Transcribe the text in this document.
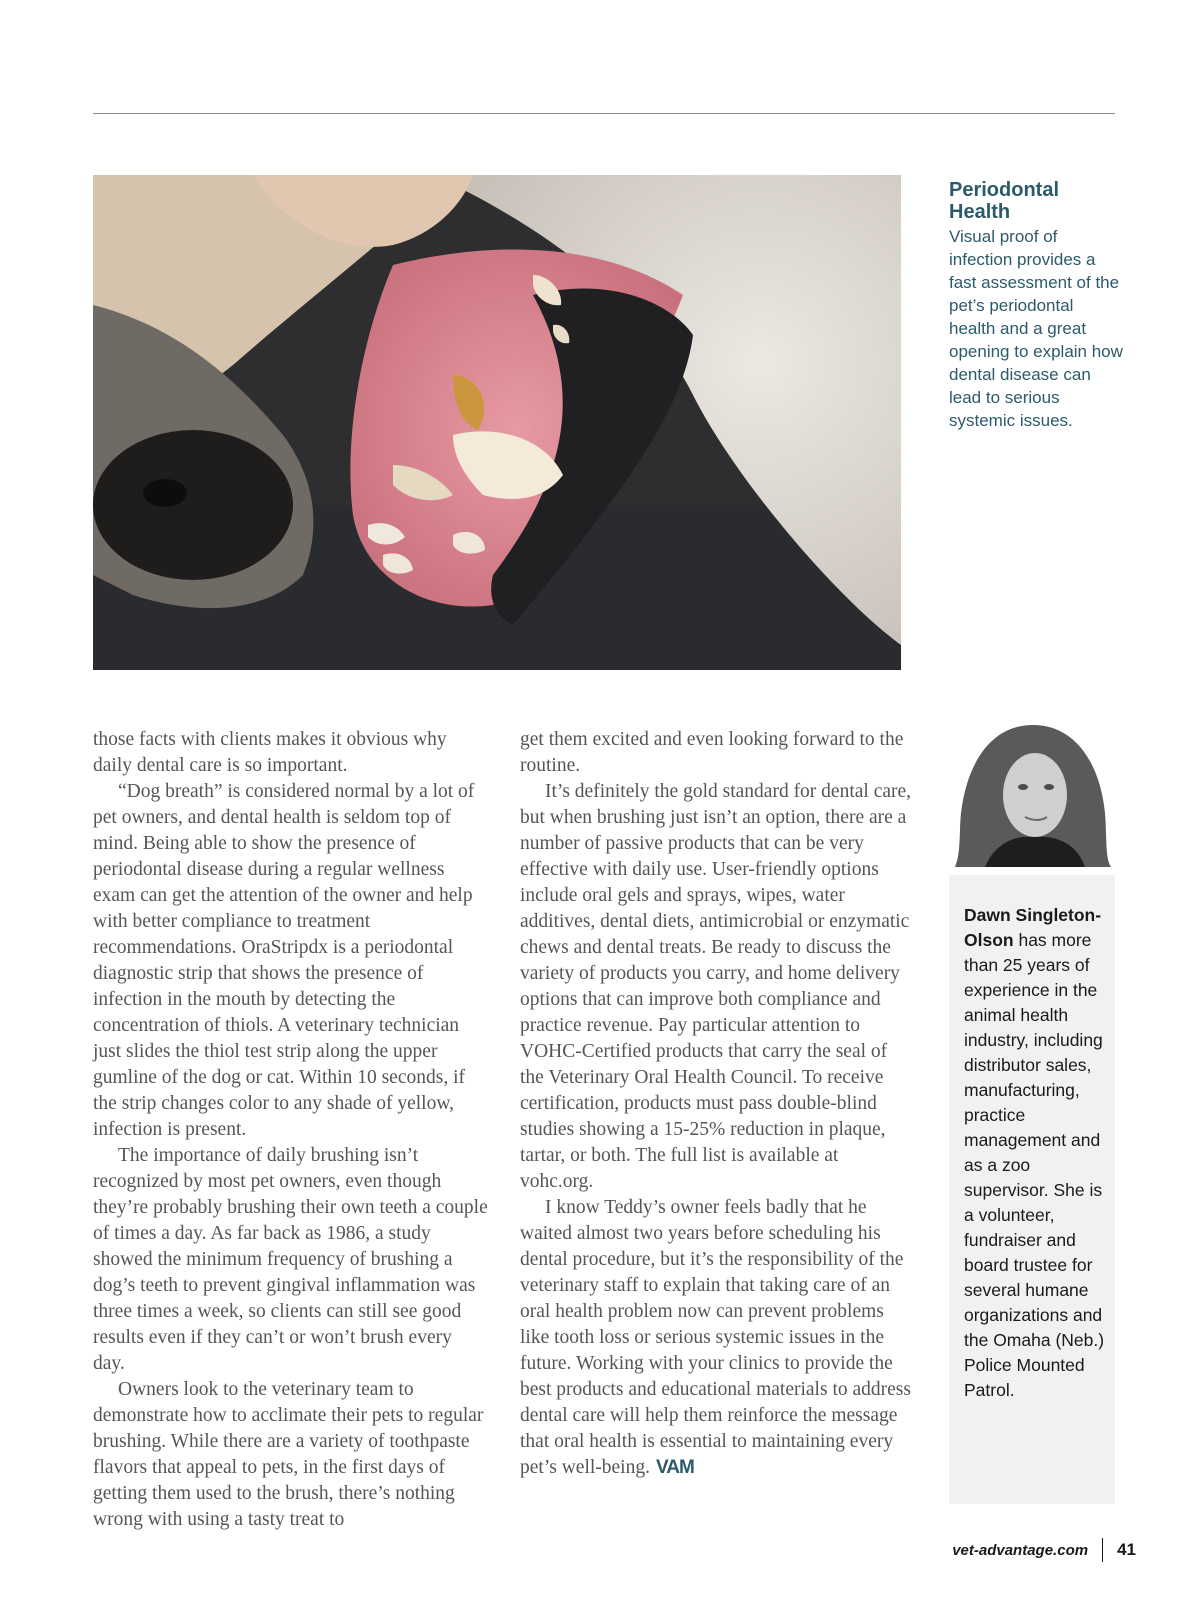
Periodontal Health

Visual proof of infection provides a fast assessment of the pet’s periodontal health and a great opening to explain how dental disease can lead to serious systemic issues.

those facts with clients makes it obvious why daily dental care is so important.

“Dog breath” is considered normal by a lot of pet owners, and dental health is seldom top of mind. Being able to show the presence of periodontal disease during a regular wellness exam can get the attention of the owner and help with better compliance to treatment recommendations. OraStripdx is a periodontal diagnostic strip that shows the presence of infection in the mouth by detecting the concentration of thiols. A veterinary technician just slides the thiol test strip along the upper gumline of the dog or cat. Within 10 seconds, if the strip changes color to any shade of yellow, infection is present.

The importance of daily brushing isn’t recognized by most pet owners, even though they’re probably brushing their own teeth a couple of times a day. As far back as 1986, a study showed the minimum frequency of brushing a dog’s teeth to prevent gingival inflammation was three times a week, so clients can still see good results even if they can’t or won’t brush every day.

Owners look to the veterinary team to demonstrate how to acclimate their pets to regular brushing. While there are a variety of toothpaste flavors that appeal to pets, in the first days of getting them used to the brush, there’s nothing wrong with using a tasty treat to

get them excited and even looking forward to the routine.

It’s definitely the gold standard for dental care, but when brushing just isn’t an option, there are a number of passive products that can be very effective with daily use. User-friendly options include oral gels and sprays, wipes, water additives, dental diets, antimicrobial or enzymatic chews and dental treats. Be ready to discuss the variety of products you carry, and home delivery options that can improve both compliance and practice revenue. Pay particular attention to VOHC-Certified products that carry the seal of the Veterinary Oral Health Council. To receive certification, products must pass double-blind studies showing a 15-25% reduction in plaque, tartar, or both. The full list is available at vohc.org.

I know Teddy’s owner feels badly that he waited almost two years before scheduling his dental procedure, but it’s the responsibility of the veterinary staff to explain that taking care of an oral health problem now can prevent problems like tooth loss or serious systemic issues in the future. Working with your clinics to provide the best products and educational materials to address dental care will help them reinforce the message that oral health is essential to maintaining every pet’s well-being. VAM

Dawn Singleton-Olson has more than 25 years of experience in the animal health industry, including distributor sales, manufacturing, practice management and as a zoo supervisor. She is a volunteer, fundraiser and board trustee for several humane organizations and the Omaha (Neb.) Police Mounted Patrol.
vet-advantage.com 41
